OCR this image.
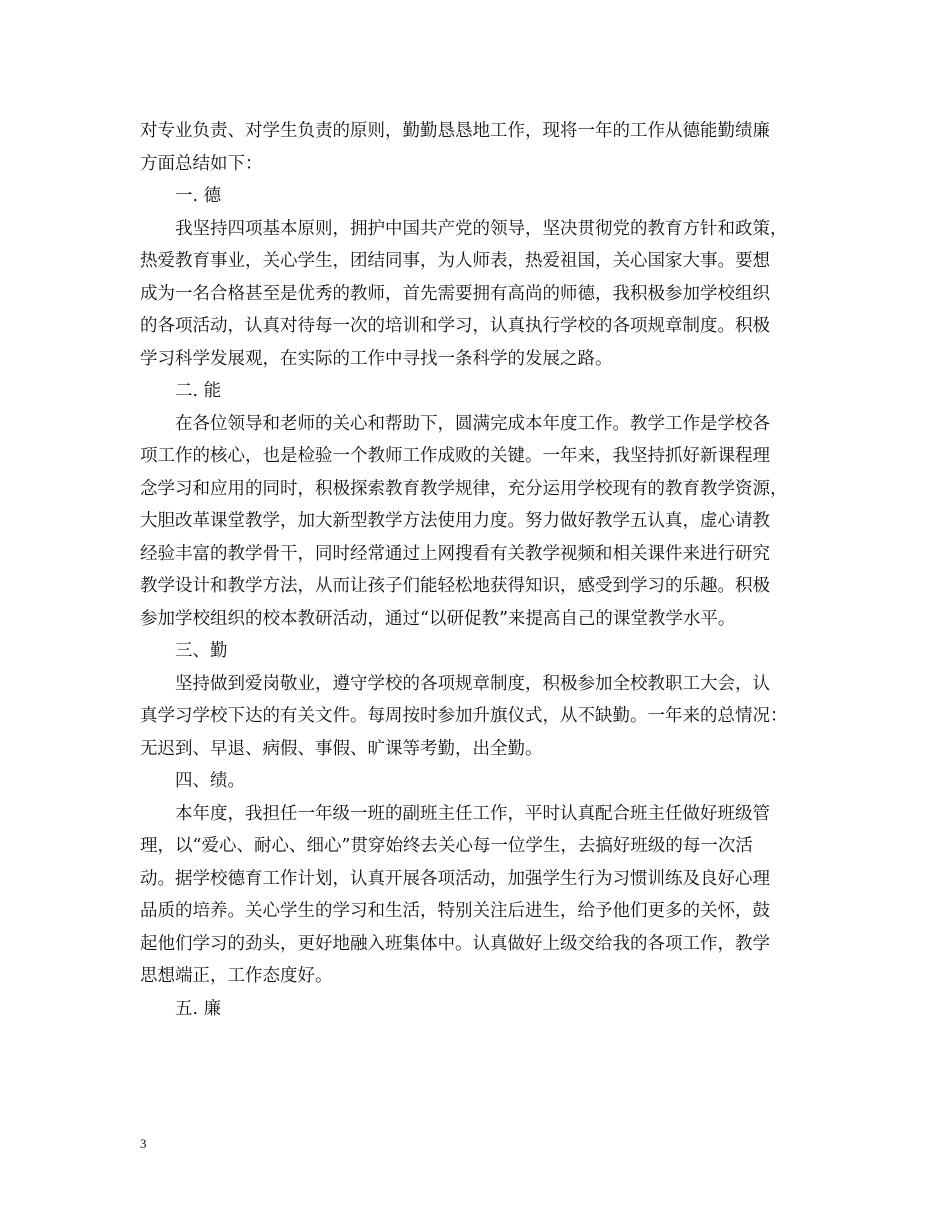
对专业负责、对学生负责的原则，勤勤恳恳地工作，现将一年的工作从德能勤绩廉
方面总结如下：
一. 德
我坚持四项基本原则，拥护中国共产党的领导，坚决贯彻党的教育方针和政策，
热爱教育事业，关心学生，团结同事，为人师表，热爱祖国，关心国家大事。要想
成为一名合格甚至是优秀的教师，首先需要拥有高尚的师德，我积极参加学校组织
的各项活动，认真对待每一次的培训和学习，认真执行学校的各项规章制度。积极
学习科学发展观，在实际的工作中寻找一条科学的发展之路。
二. 能
在各位领导和老师的关心和帮助下，圆满完成本年度工作。教学工作是学校各
项工作的核心，也是检验一个教师工作成败的关键。一年来，我坚持抓好新课程理
念学习和应用的同时，积极探索教育教学规律，充分运用学校现有的教育教学资源，
大胆改革课堂教学，加大新型教学方法使用力度。努力做好教学五认真，虚心请教
经验丰富的教学骨干，同时经常通过上网搜看有关教学视频和相关课件来进行研究
教学设计和教学方法，从而让孩子们能轻松地获得知识，感受到学习的乐趣。积极
参加学校组织的校本教研活动，通过“以研促教”来提高自己的课堂教学水平。
三、勤
坚持做到爱岗敬业，遵守学校的各项规章制度，积极参加全校教职工大会，认
真学习学校下达的有关文件。每周按时参加升旗仪式，从不缺勤。一年来的总情况：
无迟到、早退、病假、事假、旷课等考勤，出全勤。
四、绩。
本年度，我担任一年级一班的副班主任工作，平时认真配合班主任做好班级管
理，以“爱心、耐心、细心”贯穿始终去关心每一位学生，去搞好班级的每一次活
动。据学校德育工作计划，认真开展各项活动，加强学生行为习惯训练及良好心理
品质的培养。关心学生的学习和生活，特别关注后进生，给予他们更多的关怀，鼓
起他们学习的劲头，更好地融入班集体中。认真做好上级交给我的各项工作，教学
思想端正，工作态度好。
五. 廉
3
